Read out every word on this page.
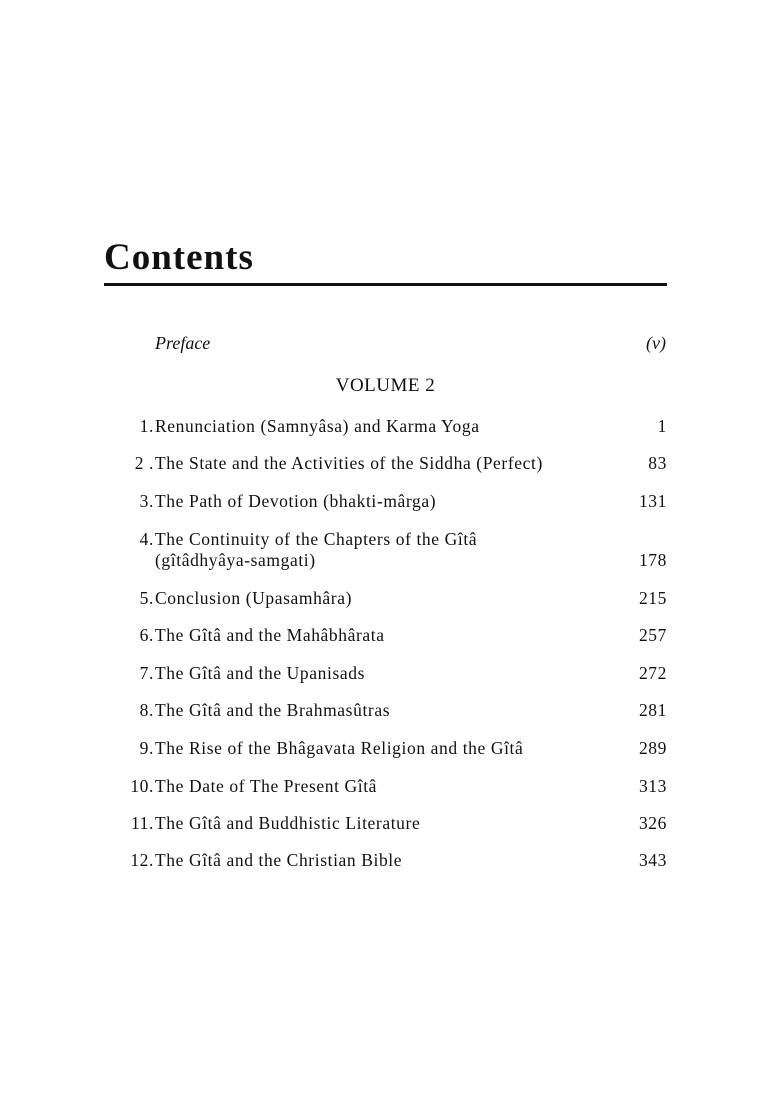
Contents
Preface	(v)
VOLUME 2
1. Renunciation (Samnyâsa) and Karma Yoga	1
2 . The State and the Activities of the Siddha (Perfect)	83
3. The Path of Devotion (bhakti-mârga)	131
4. The Continuity of the Chapters of the Gîtâ
(gîtâdhyâya-samgati)	178
5. Conclusion (Upasamhâra)	215
6. The Gîtâ and the Mahâbhârata	257
7. The Gîtâ and the Upanisads	272
8. The Gîtâ and the Brahmasûtras	281
9. The Rise of the Bhâgavata Religion and the Gîtâ	289
10. The Date of The Present Gîtâ	313
11. The Gîtâ and Buddhistic Literature	326
12. The Gîtâ and the Christian Bible	343
